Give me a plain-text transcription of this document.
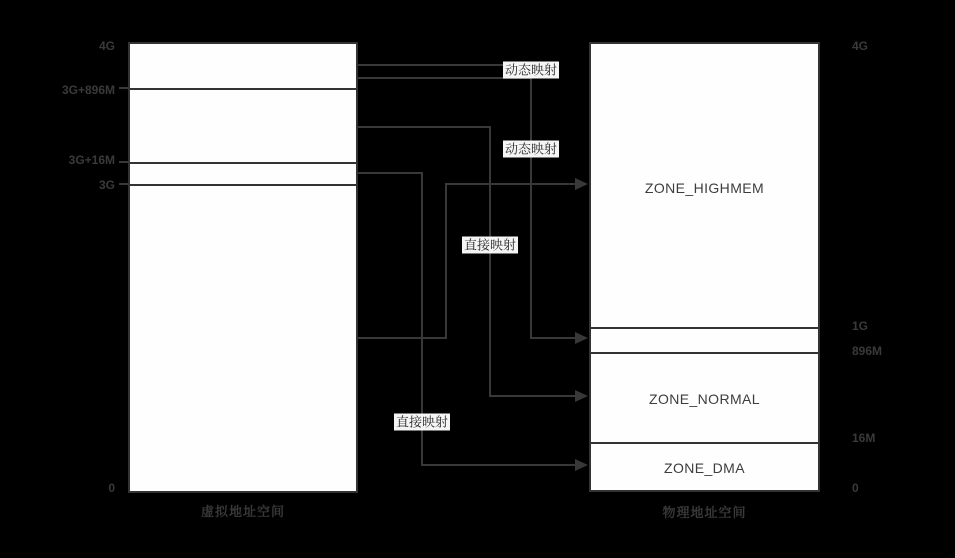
4G
3G+896M
3G+16M
3G
0
ZONE_HIGHMEM
ZONE_NORMAL
ZONE_DMA
4G
1G
896M
16M
0
虚拟地址空间	物理地址空间
动态映射
动态映射
直接映射
直接映射
